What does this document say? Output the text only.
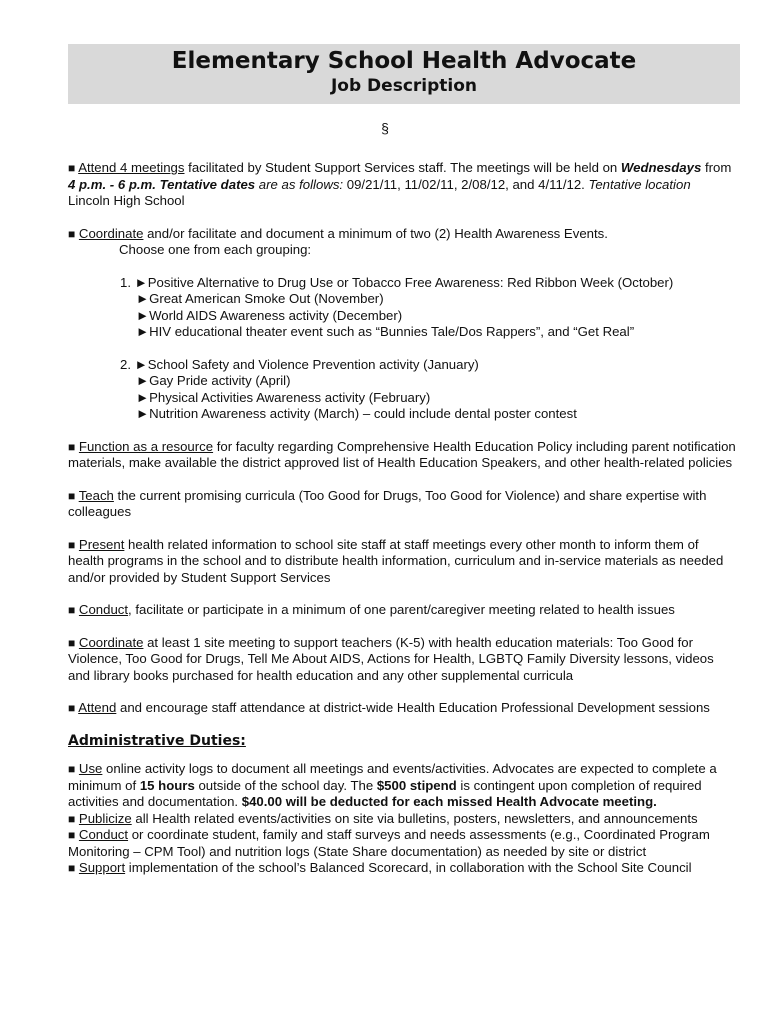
Elementary School Health Advocate
Job Description
§

■ Attend 4 meetings facilitated by Student Support Services staff. The meetings will be held on Wednesdays from 4 p.m. - 6 p.m. Tentative dates are as follows: 09/21/11, 11/02/11, 2/08/12, and 4/11/12. Tentative location Lincoln High School

■ Coordinate and/or facilitate and document a minimum of two (2) Health Awareness Events.

Choose one from each grouping:
1. ►Positive Alternative to Drug Use or Tobacco Free Awareness: Red Ribbon Week (October)
►Great American Smoke Out (November)
►World AIDS Awareness activity (December)
►HIV educational theater event such as “Bunnies Tale/Dos Rappers”, and “Get Real”
2. ►School Safety and Violence Prevention activity (January)
►Gay Pride activity (April)
►Physical Activities Awareness activity (February)
►Nutrition Awareness activity (March) – could include dental poster contest

■ Function as a resource for faculty regarding Comprehensive Health Education Policy including parent notification materials, make available the district approved list of Health Education Speakers, and other health-related policies

■ Teach the current promising curricula (Too Good for Drugs, Too Good for Violence) and share expertise with colleagues

■ Present health related information to school site staff at staff meetings every other month to inform them of health programs in the school and to distribute health information, curriculum and in-service materials as needed and/or provided by Student Support Services

■ Conduct, facilitate or participate in a minimum of one parent/caregiver meeting related to health issues

■ Coordinate at least 1 site meeting to support teachers (K-5) with health education materials: Too Good for Violence, Too Good for Drugs, Tell Me About AIDS, Actions for Health, LGBTQ Family Diversity lessons, videos and library books purchased for health education and any other supplemental curricula

■ Attend and encourage staff attendance at district-wide Health Education Professional Development sessions

Administrative Duties:

■ Use online activity logs to document all meetings and events/activities. Advocates are expected to complete a minimum of 15 hours outside of the school day. The $500 stipend is contingent upon completion of required activities and documentation. $40.00 will be deducted for each missed Health Advocate meeting.

■ Publicize all Health related events/activities on site via bulletins, posters, newsletters, and announcements

■ Conduct or coordinate student, family and staff surveys and needs assessments (e.g., Coordinated Program Monitoring – CPM Tool) and nutrition logs (State Share documentation) as needed by site or district

■ Support implementation of the school’s Balanced Scorecard, in collaboration with the School Site Council
